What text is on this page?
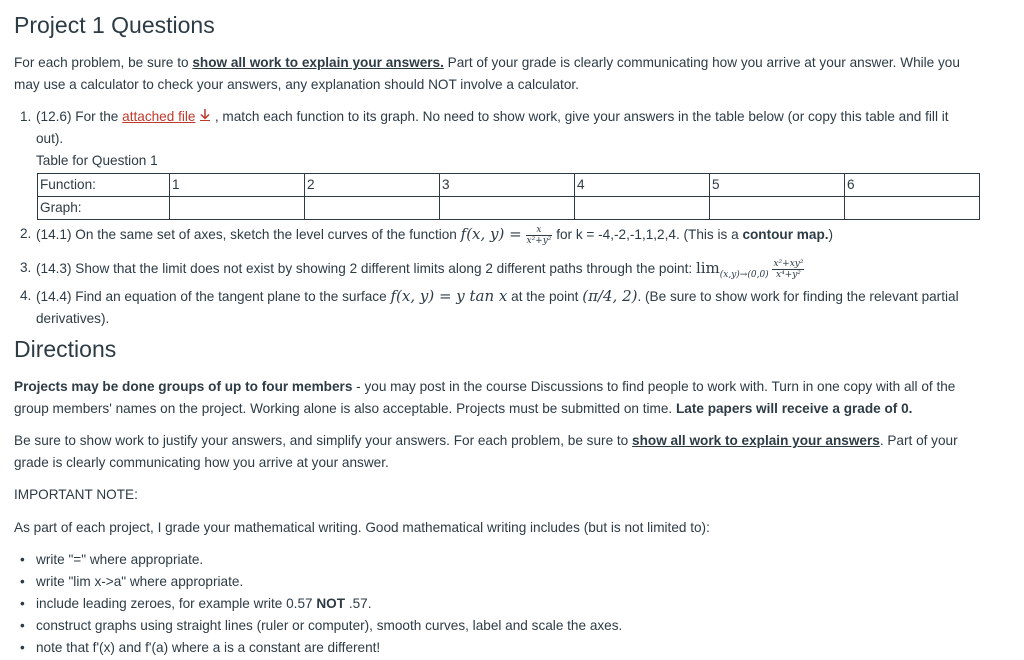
Project 1 Questions

For each problem, be sure to show all work to explain your answers. Part of your grade is clearly communicating how you arrive at your answer. While you
may use a calculator to check your answers, any explanation should NOT involve a calculator.

1. (12.6) For the attached file , match each function to its graph. No need to show work, give your answers in the table below (or copy this table and fill it
out).
Table for Question 1
Function:	1	2	3	4	5	6
Graph:						
2. (14.1) On the same set of axes, sketch the level curves of the function f(x, $y) = \frac{x}{\text{x²+y²}}$ for k = -4,-2,-1,1,2,4. (This is a contour map.)
3. (14.3) Show that the limit does not exist by showing 2 different limits along 2 different paths through the point: $\lim_{(x,y)\to(0,0)} \frac{\text{x²+xy²}}{\text{x⁴+y²}}$
4. (14.4) Find an equation of the tangent plane to the surface f(x, y) = y tan x at the point (π/4, 2). (Be sure to show work for finding the relevant partial
derivatives).
Directions

Projects may be done groups of up to four members - you may post in the course Discussions to find people to work with. Turn in one copy with all of the
group members' names on the project. Working alone is also acceptable. Projects must be submitted on time. Late papers will receive a grade of 0.

Be sure to show work to justify your answers, and simplify your answers. For each problem, be sure to show all work to explain your answers. Part of your
grade is clearly communicating how you arrive at your answer.

IMPORTANT NOTE:

As part of each project, I grade your mathematical writing. Good mathematical writing includes (but is not limited to):

• write "=" where appropriate.
• write "lim x->a" where appropriate.
• include leading zeroes, for example write 0.57 NOT .57.
• construct graphs using straight lines (ruler or computer), smooth curves, label and scale the axes.
• note that f'(x) and f'(a) where a is a constant are different!
